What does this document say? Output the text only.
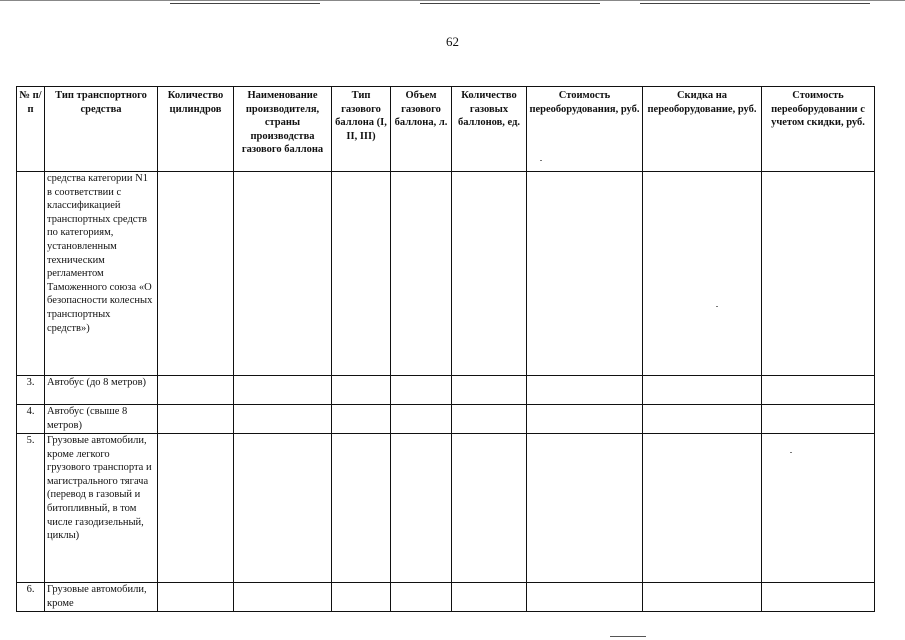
62
№ п/п	Тип транспортного средства	Количество цилиндров	Наименование производителя, страны производства газового баллона	Тип газового баллона (I, II, III)	Объем газового баллона, л.	Количество газовых баллонов, ед.	Стоимость переоборудования, руб.	Скидка на переоборудование, руб.	Стоимость переоборудовании с учетом скидки, руб.
	средства категории N1 в соответствии с классификацией транспортных средств по категориям, установленным техническим регламентом Таможенного союза «О безопасности колесных транспортных средств»)								
3.	Автобус (до 8 метров)								
4.	Автобус (свыше 8 метров)								
5.	Грузовые автомобили, кроме легкого грузового транспорта и магистрального тягача (перевод в газовый и битопливный, в том числе газодизельный, циклы)								
6.	Грузовые автомобили, кроме								
